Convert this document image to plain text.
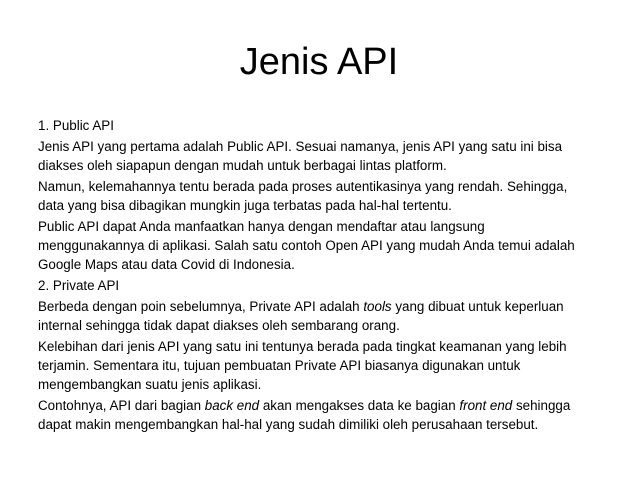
Jenis API

1. Public API

Jenis API yang pertama adalah Public API. Sesuai namanya, jenis API yang satu ini bisa diakses oleh siapapun dengan mudah untuk berbagai lintas platform.

Namun, kelemahannya tentu berada pada proses autentikasinya yang rendah. Sehingga, data yang bisa dibagikan mungkin juga terbatas pada hal-hal tertentu.

Public API dapat Anda manfaatkan hanya dengan mendaftar atau langsung menggunakannya di aplikasi. Salah satu contoh Open API yang mudah Anda temui adalah Google Maps atau data Covid di Indonesia.

2. Private API

Berbeda dengan poin sebelumnya, Private API adalah tools yang dibuat untuk keperluan internal sehingga tidak dapat diakses oleh sembarang orang.

Kelebihan dari jenis API yang satu ini tentunya berada pada tingkat keamanan yang lebih terjamin. Sementara itu, tujuan pembuatan Private API biasanya digunakan untuk mengembangkan suatu jenis aplikasi.

Contohnya, API dari bagian back end akan mengakses data ke bagian front end sehingga dapat makin mengembangkan hal-hal yang sudah dimiliki oleh perusahaan tersebut.
